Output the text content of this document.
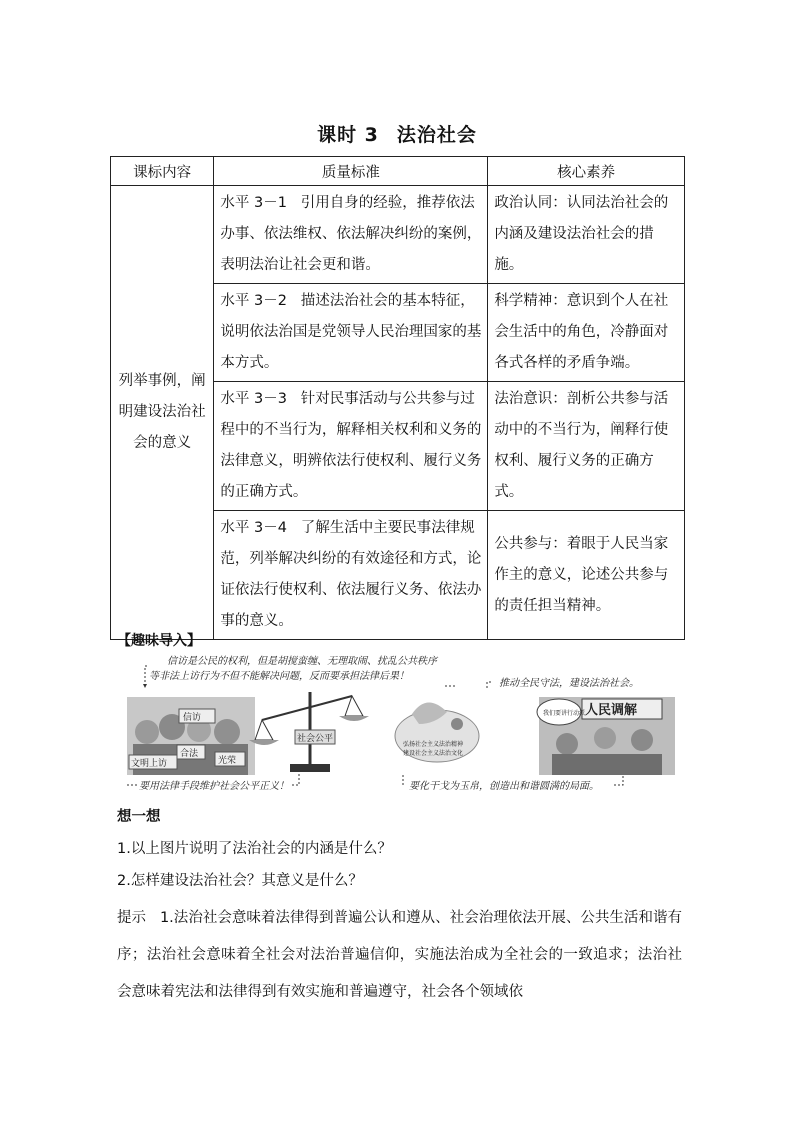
课时 3 法治社会
课标内容	质量标准	核心素养
列举事例，阐明建设法治社会的意义	水平 3－1 引用自身的经验，推荐依法办事、依法维权、依法解决纠纷的案例，表明法治让社会更和谐。	政治认同：认同法治社会的内涵及建设法治社会的措施。
	水平 3－2 描述法治社会的基本特征，说明依法治国是党领导人民治理国家的基本方式。	科学精神：意识到个人在社会生活中的角色，冷静面对各式各样的矛盾争端。
	水平 3－3 针对民事活动与公共参与过程中的不当行为，解释相关权利和义务的法律意义，明辨依法行使权利、履行义务的正确方式。	法治意识：剖析公共参与活动中的不当行为，阐释行使权利、履行义务的正确方式。
	水平 3－4 了解生活中主要民事法律规范，列举解决纠纷的有效途径和方式，论证依法行使权利、依法履行义务、依法办事的意义。	公共参与：着眼于人民当家作主的意义，论述公共参与的责任担当精神。
【趣味导入】
信访是公民的权利，但是胡搅蛮缠、无理取闹、扰乱公共秩序
等非法上访行为不但不能解决问题，反而要承担法律后果！
推动全民守法，建设法治社会。
信访
文明上访
合法
光荣
社会公平
弘扬社会主义法治精神
建设社会主义法治文化
人民调解
我们要讲行动派
要用法律手段维护社会公平正义！	要化干戈为玉帛，创造出和谐圆满的局面。
想一想
1.以上图片说明了法治社会的内涵是什么？
2.怎样建设法治社会？其意义是什么？
提示 1.法治社会意味着法律得到普遍公认和遵从、社会治理依法开展、公共生活和谐有序；法治社会意味着全社会对法治普遍信仰，实施法治成为全社会的一致追求；法治社会意味着宪法和法律得到有效实施和普遍遵守，社会各个领域依
